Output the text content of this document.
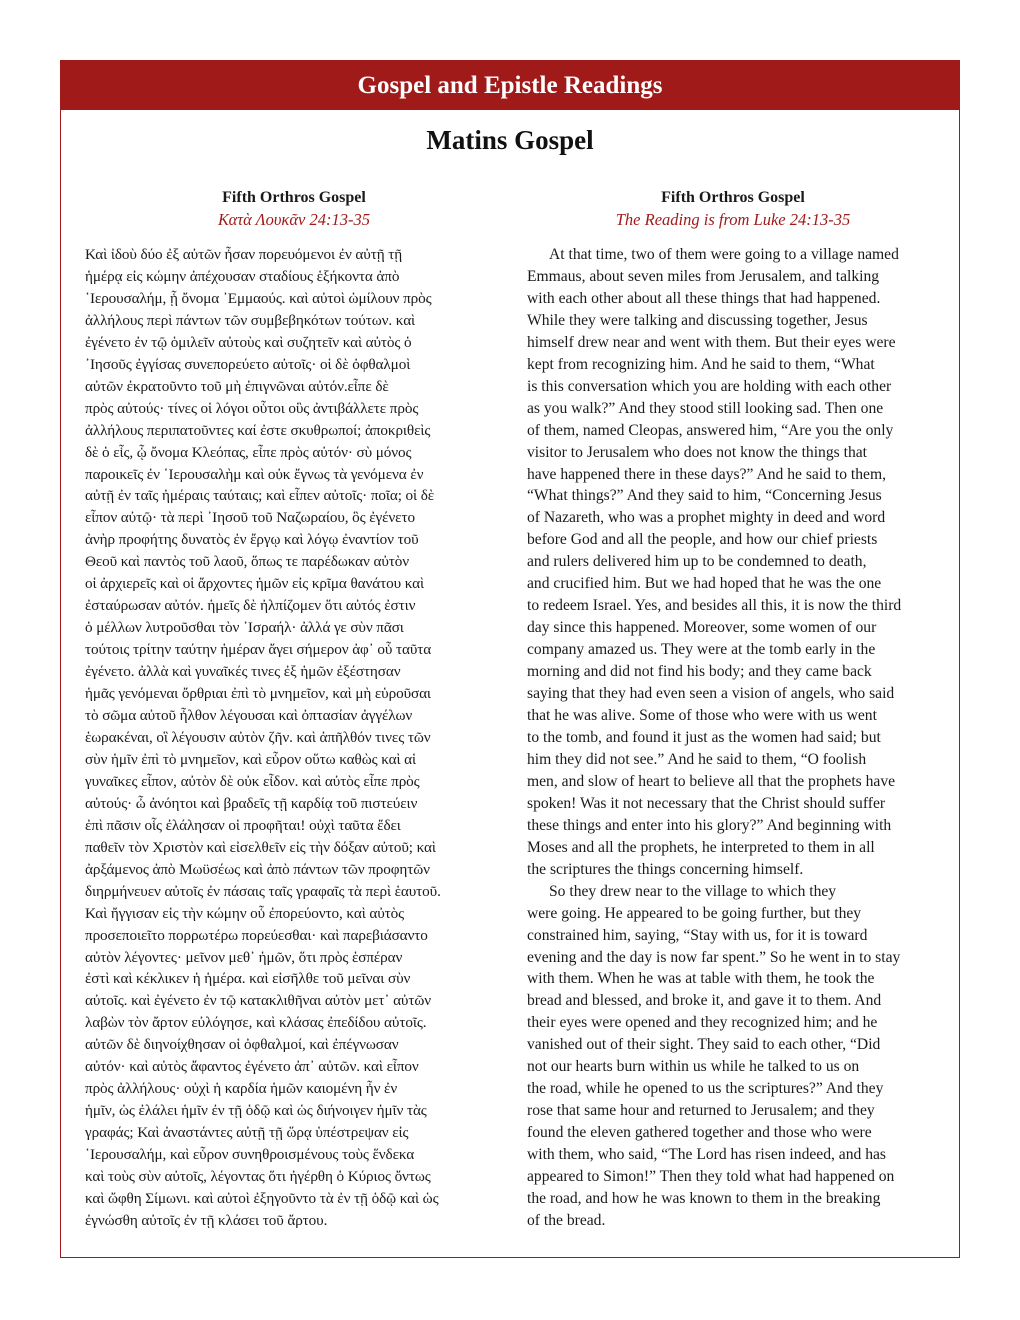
Gospel and Epistle Readings
Matins Gospel
Fifth Orthros Gospel
Κατὰ Λουκᾶν 24:13-35

Καὶ ἰδοὺ δύο ἐξ αὐτῶν ἦσαν πορευόμενοι ἐν αὐτῇ τῇ

ἡμέρᾳ εἰς κώμην ἀπέχουσαν σταδίους ἑξήκοντα ἀπὸ

῾Ιερουσαλήμ, ᾗ ὄνομα ᾿Εμμαούς. καὶ αὐτοὶ ὡμίλουν πρὸς

ἀλλήλους περὶ πάντων τῶν συμβεβηκότων τούτων. καὶ

ἐγένετο ἐν τῷ ὁμιλεῖν αὐτοὺς καὶ συζητεῖν καὶ αὐτὸς ὁ

᾿Ιησοῦς ἐγγίσας συνεπορεύετο αὐτοῖς· οἱ δὲ ὀφθαλμοὶ

αὐτῶν ἐκρατοῦντο τοῦ μὴ ἐπιγνῶναι αὐτόν.εἶπε δὲ

πρὸς αὐτούς· τίνες οἱ λόγοι οὗτοι οὓς ἀντιβάλλετε πρὸς

ἀλλήλους περιπατοῦντες καί ἐστε σκυθρωποί; ἀποκριθεὶς

δὲ ὁ εἷς, ᾧ ὄνομα Κλεόπας, εἶπε πρὸς αὐτόν· σὺ μόνος

παροικεῖς ἐν ῾Ιερουσαλὴμ καὶ οὐκ ἔγνως τὰ γενόμενα ἐν

αὐτῇ ἐν ταῖς ἡμέραις ταύταις; καὶ εἶπεν αὐτοῖς· ποῖα; οἱ δὲ

εἶπον αὐτῷ· τὰ περὶ ᾿Ιησοῦ τοῦ Ναζωραίου, ὃς ἐγένετο

ἀνὴρ προφήτης δυνατὸς ἐν ἔργῳ καὶ λόγῳ ἐναντίον τοῦ

Θεοῦ καὶ παντὸς τοῦ λαοῦ, ὅπως τε παρέδωκαν αὐτὸν

οἱ ἀρχιερεῖς καὶ οἱ ἄρχοντες ἡμῶν εἰς κρῖμα θανάτου καὶ

ἐσταύρωσαν αὐτόν. ἡμεῖς δὲ ἠλπίζομεν ὅτι αὐτός ἐστιν

ὁ μέλλων λυτροῦσθαι τὸν ᾿Ισραήλ· ἀλλά γε σὺν πᾶσι

τούτοις τρίτην ταύτην ἡμέραν ἄγει σήμερον ἀφ᾿ οὗ ταῦτα

ἐγένετο. ἀλλὰ καὶ γυναῖκές τινες ἐξ ἡμῶν ἐξέστησαν

ἡμᾶς γενόμεναι ὄρθριαι ἐπὶ τὸ μνημεῖον, καὶ μὴ εὑροῦσαι

τὸ σῶμα αὐτοῦ ἦλθον λέγουσαι καὶ ὀπτασίαν ἀγγέλων

ἑωρακέναι, οἳ λέγουσιν αὐτὸν ζῆν. καὶ ἀπῆλθόν τινες τῶν

σὺν ἡμῖν ἐπὶ τὸ μνημεῖον, καὶ εὗρον οὕτω καθὼς καὶ αἱ

γυναῖκες εἶπον, αὐτὸν δὲ οὐκ εἶδον. καὶ αὐτὸς εἶπε πρὸς

αὐτούς· ὦ ἀνόητοι καὶ βραδεῖς τῇ καρδίᾳ τοῦ πιστεύειν

ἐπὶ πᾶσιν οἷς ἐλάλησαν οἱ προφῆται! οὐχὶ ταῦτα ἔδει

παθεῖν τὸν Χριστὸν καὶ εἰσελθεῖν εἰς τὴν δόξαν αὐτοῦ; καὶ

ἀρξάμενος ἀπὸ Μωϋσέως καὶ ἀπὸ πάντων τῶν προφητῶν

διηρμήνευεν αὐτοῖς ἐν πάσαις ταῖς γραφαῖς τὰ περὶ ἑαυτοῦ.

Καὶ ἤγγισαν εἰς τὴν κώμην οὗ ἐπορεύοντο, καὶ αὐτὸς

προσεποιεῖτο πορρωτέρω πορεύεσθαι· καὶ παρεβιάσαντο

αὐτὸν λέγοντες· μεῖνον μεθ᾿ ἡμῶν, ὅτι πρὸς ἑσπέραν

ἐστὶ καὶ κέκλικεν ἡ ἡμέρα. καὶ εἰσῆλθε τοῦ μεῖναι σὺν

αὐτοῖς. καὶ ἐγένετο ἐν τῷ κατακλιθῆναι αὐτὸν μετ᾿ αὐτῶν

λαβὼν τὸν ἄρτον εὐλόγησε, καὶ κλάσας ἐπεδίδου αὐτοῖς.

αὐτῶν δὲ διηνοίχθησαν οἱ ὀφθαλμοί, καὶ ἐπέγνωσαν

αὐτόν· καὶ αὐτὸς ἄφαντος ἐγένετο ἀπ᾿ αὐτῶν. καὶ εἶπον

πρὸς ἀλλήλους· οὐχὶ ἡ καρδία ἡμῶν καιομένη ἦν ἐν

ἡμῖν, ὡς ἐλάλει ἡμῖν ἐν τῇ ὁδῷ καὶ ὡς διήνοιγεν ἡμῖν τὰς

γραφάς; Καὶ ἀναστάντες αὐτῇ τῇ ὥρᾳ ὑπέστρεψαν εἰς

῾Ιερουσαλήμ, καὶ εὗρον συνηθροισμένους τοὺς ἕνδεκα

καὶ τοὺς σὺν αὐτοῖς, λέγοντας ὅτι ἠγέρθη ὁ Κύριος ὄντως

καὶ ὤφθη Σίμωνι. καὶ αὐτοὶ ἐξηγοῦντο τὰ ἐν τῇ ὁδῷ καὶ ὡς

ἐγνώσθη αὐτοῖς ἐν τῇ κλάσει τοῦ ἄρτου.

Fifth Orthros Gospel
The Reading is from Luke 24:13-35

At that time, two of them were going to a village named

Emmaus, about seven miles from Jerusalem, and talking

with each other about all these things that had happened.

While they were talking and discussing together, Jesus

himself drew near and went with them. But their eyes were

kept from recognizing him. And he said to them, “What

is this conversation which you are holding with each other

as you walk?” And they stood still looking sad. Then one

of them, named Cleopas, answered him, “Are you the only

visitor to Jerusalem who does not know the things that

have happened there in these days?” And he said to them,

“What things?” And they said to him, “Concerning Jesus

of Nazareth, who was a prophet mighty in deed and word

before God and all the people, and how our chief priests

and rulers delivered him up to be condemned to death,

and crucified him. But we had hoped that he was the one

to redeem Israel. Yes, and besides all this, it is now the third

day since this happened. Moreover, some women of our

company amazed us. They were at the tomb early in the

morning and did not find his body; and they came back

saying that they had even seen a vision of angels, who said

that he was alive. Some of those who were with us went

to the tomb, and found it just as the women had said; but

him they did not see.” And he said to them, “O foolish

men, and slow of heart to believe all that the prophets have

spoken! Was it not necessary that the Christ should suffer

these things and enter into his glory?” And beginning with

Moses and all the prophets, he interpreted to them in all

the scriptures the things concerning himself.

So they drew near to the village to which they

were going. He appeared to be going further, but they

constrained him, saying, “Stay with us, for it is toward

evening and the day is now far spent.” So he went in to stay

with them. When he was at table with them, he took the

bread and blessed, and broke it, and gave it to them. And

their eyes were opened and they recognized him; and he

vanished out of their sight. They said to each other, “Did

not our hearts burn within us while he talked to us on

the road, while he opened to us the scriptures?” And they

rose that same hour and returned to Jerusalem; and they

found the eleven gathered together and those who were

with them, who said, “The Lord has risen indeed, and has

appeared to Simon!” Then they told what had happened on

the road, and how he was known to them in the breaking

of the bread.
